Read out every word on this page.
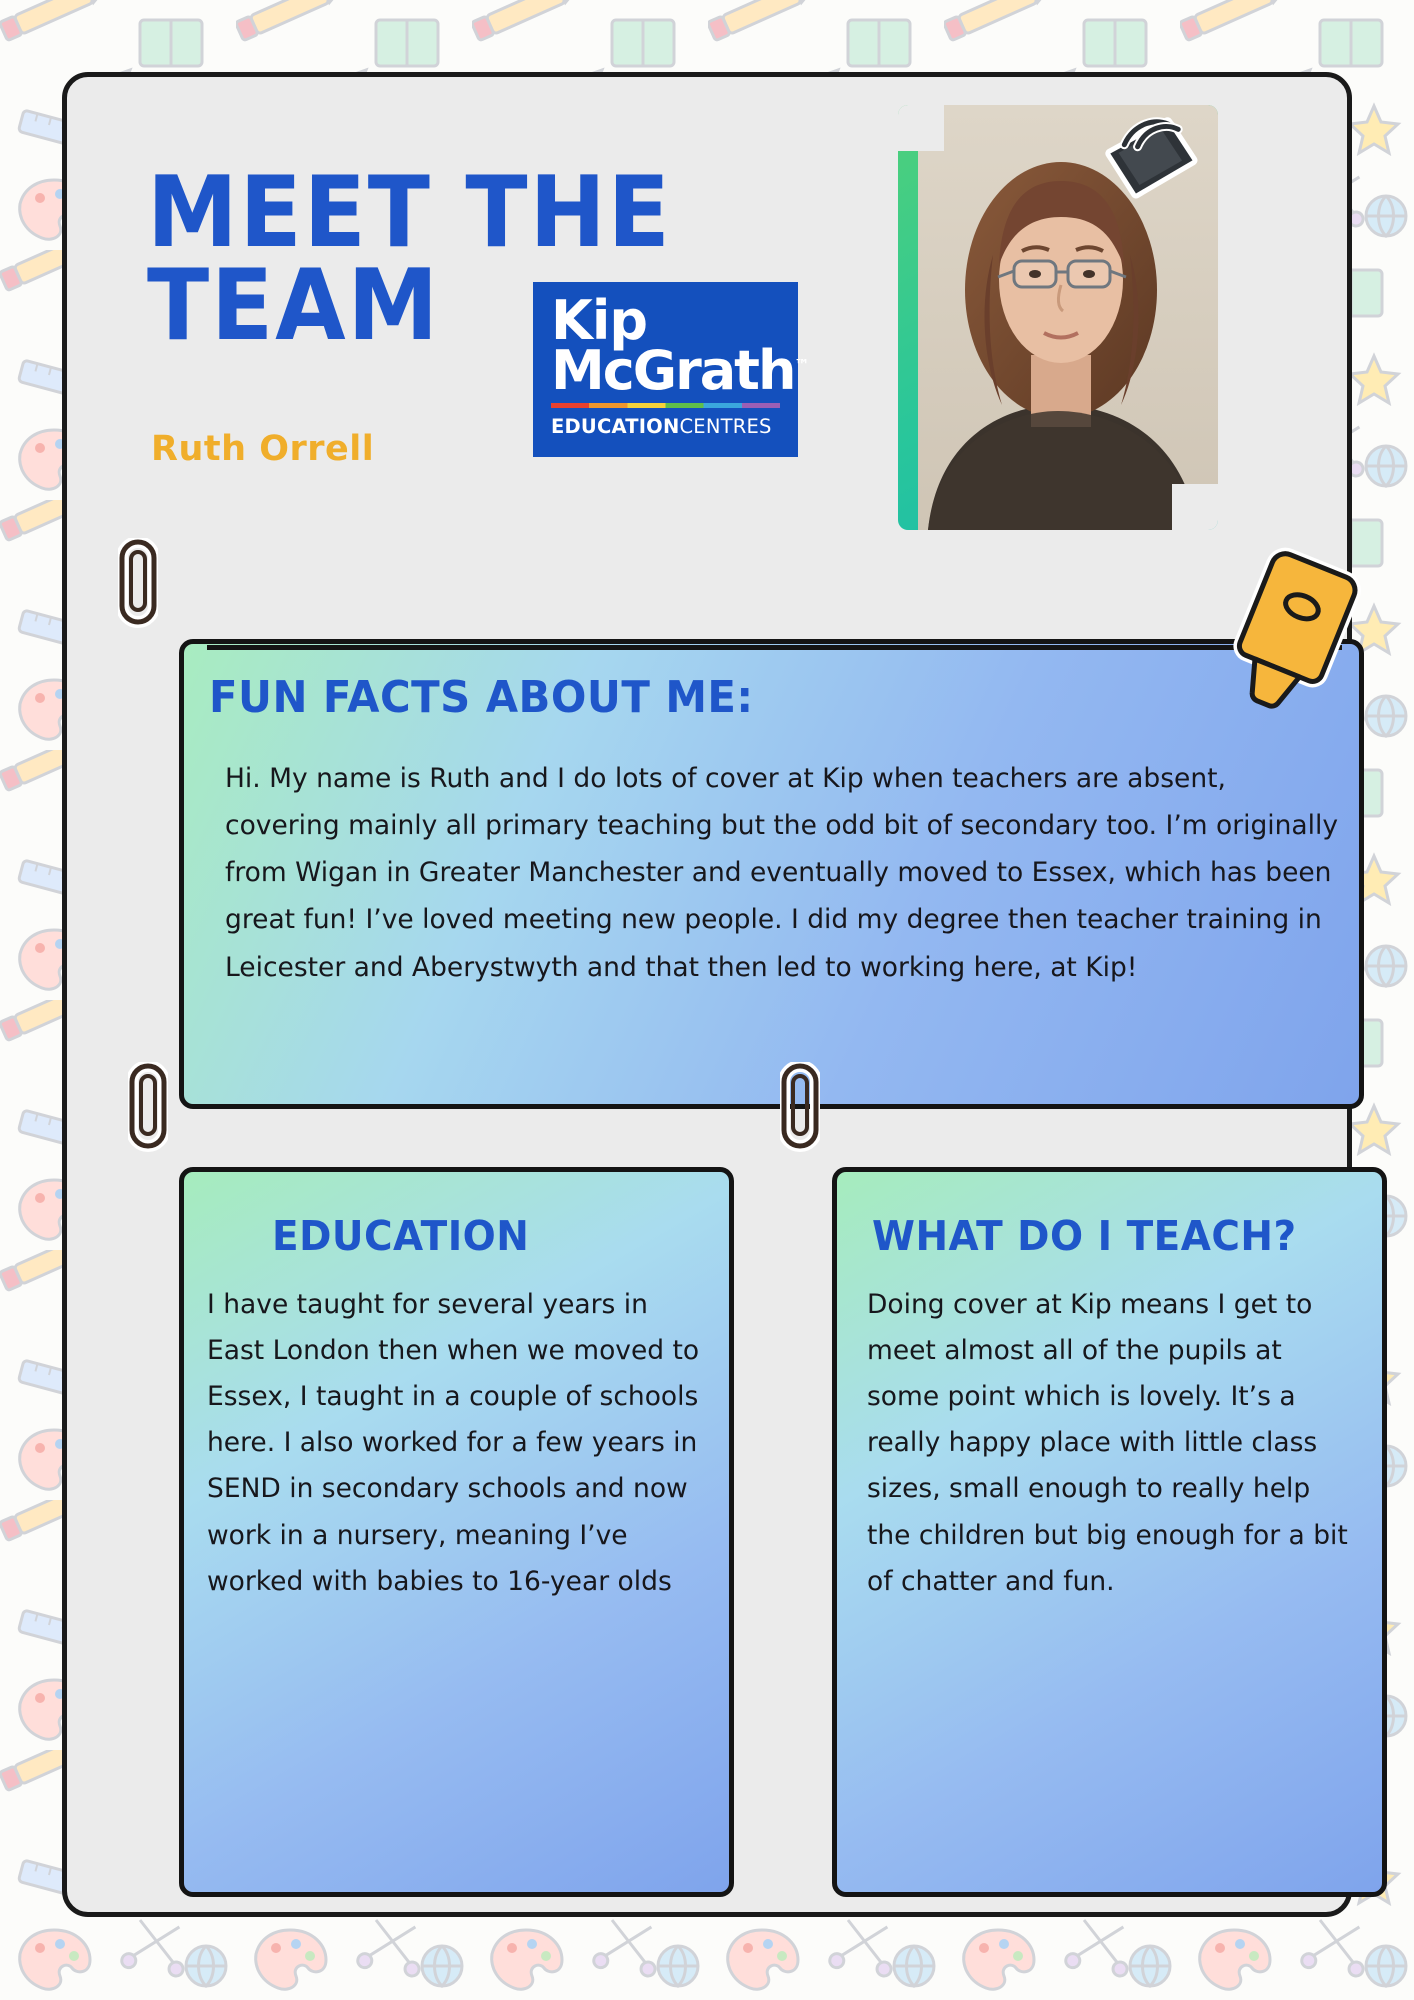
MEET THE TEAM
Ruth Orrell
Kip
McGrath™
EDUCATIONCENTRES
FUN FACTS ABOUT ME:
Hi. My name is Ruth and I do lots of cover at Kip when teachers are absent, covering mainly all primary teaching but the odd bit of secondary too. I’m originally from Wigan in Greater Manchester and eventually moved to Essex, which has been great fun! I’ve loved meeting new people. I did my degree then teacher training in Leicester and Aberystwyth and that then led to working here, at Kip!
EDUCATION
I have taught for several years in East London then when we moved to Essex, I taught in a couple of schools here. I also worked for a few years in SEND in secondary schools and now work in a nursery, meaning I’ve worked with babies to 16-year olds
WHAT DO I TEACH?
Doing cover at Kip means I get to meet almost all of the pupils at some point which is lovely. It’s a really happy place with little class sizes, small enough to really help the children but big enough for a bit of chatter and fun.
